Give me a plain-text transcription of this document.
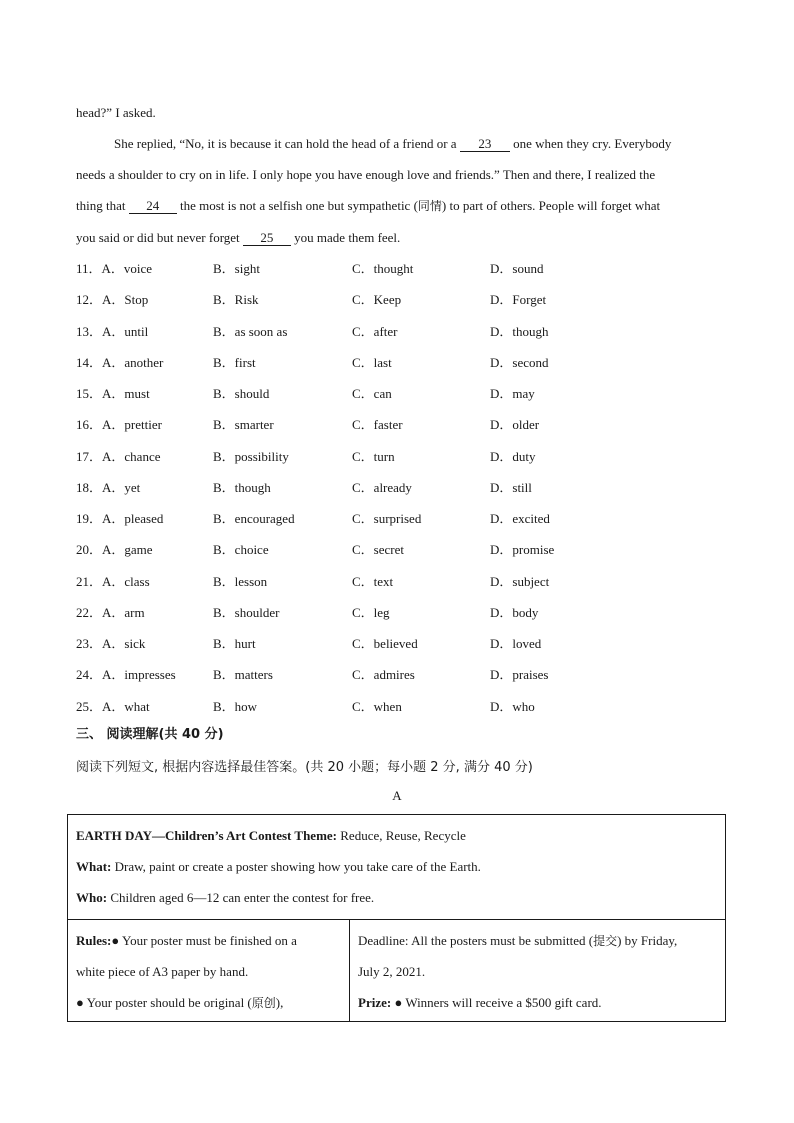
head?” I asked.
She replied, “No, it is because it can hold the head of a friend or a 23 one when they cry. Everybody
needs a shoulder to cry on in life. I only hope you have enough love and friends.” Then and there, I realized the
thing that 24 the most is not a selfish one but sympathetic (同情) to part of others. People will forget what
you said or did but never forget 25 you made them feel.
11．A．voice	B．sight	C．thought	D．sound
12．A．Stop	B．Risk	C．Keep	D．Forget
13．A．until	B．as soon as	C．after	D．though
14．A．another	B．first	C．last	D．second
15．A．must	B．should	C．can	D．may
16．A．prettier	B．smarter	C．faster	D．older
17．A．chance	B．possibility	C．turn	D．duty
18．A．yet	B．though	C．already	D．still
19．A．pleased	B．encouraged	C．surprised	D．excited
20．A．game	B．choice	C．secret	D．promise
21．A．class	B．lesson	C．text	D．subject
22．A．arm	B．shoulder	C．leg	D．body
23．A．sick	B．hurt	C．believed	D．loved
24．A．impresses	B．matters	C．admires	D．praises
25．A．what	B．how	C．when	D．who
三、 阅读理解(共 40 分)
阅读下列短文, 根据内容选择最佳答案。(共 20 小题；每小题 2 分, 满分 40 分)
A
EARTH DAY—Children’s Art Contest Theme: Reduce, Reuse, Recycle
What: Draw, paint or create a poster showing how you take care of the Earth.
Who: Children aged 6—12 can enter the contest for free.
Rules:● Your poster must be finished on a
white piece of A3 paper by hand.
● Your poster should be original (原创),
Deadline: All the posters must be submitted (提交) by Friday,
July 2, 2021.
Prize: ● Winners will receive a $500 gift card.
